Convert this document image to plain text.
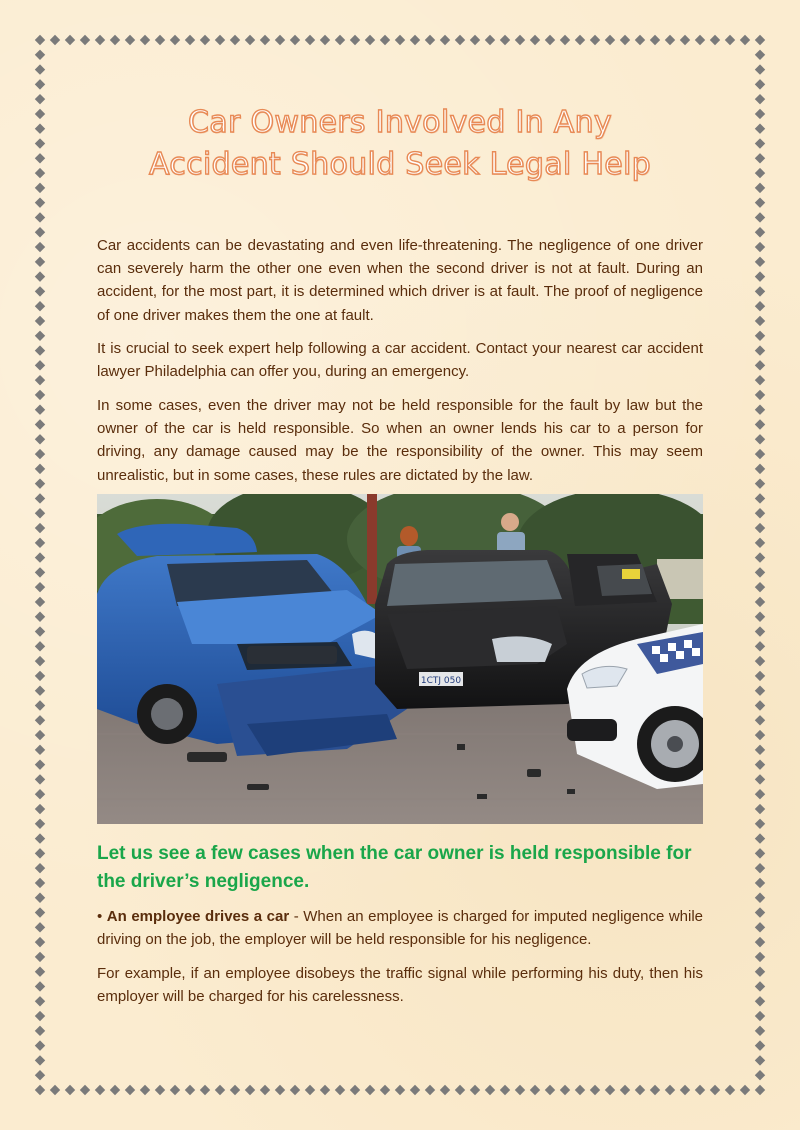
Car Owners Involved In Any
Accident Should Seek Legal Help

Car accidents can be devastating and even life-threatening. The negligence of one driver can severely harm the other one even when the second driver is not at fault. During an accident, for the most part, it is determined which driver is at fault. The proof of negligence of one driver makes them the one at fault.

It is crucial to seek expert help following a car accident. Contact your nearest car accident lawyer Philadelphia can offer you, during an emergency.

In some cases, even the driver may not be held responsible for the fault by law but the owner of the car is held responsible. So when an owner lends his car to a person for driving, any damage caused may be the responsibility of the owner. This may seem unrealistic, but in some cases, these rules are dictated by the law.

1CTJ 050

Let us see a few cases when the car owner is held responsible for the driver’s negligence.

• An employee drives a car - When an employee is charged for imputed negligence while driving on the job, the employer will be held responsible for his negligence.

For example, if an employee disobeys the traffic signal while performing his duty, then his employer will be charged for his carelessness.
